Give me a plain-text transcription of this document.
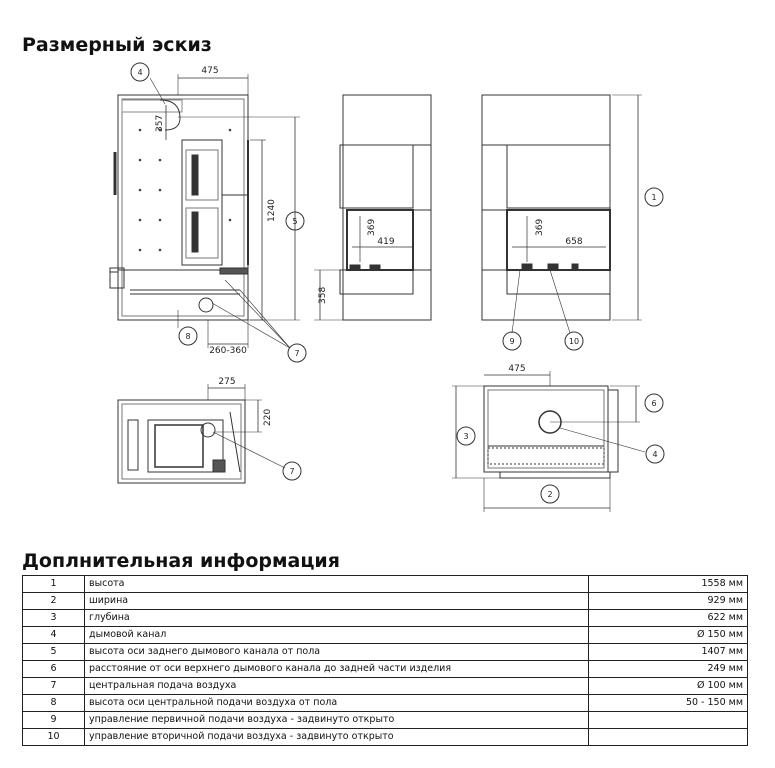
Размерный эскиз
475
357
1240
260-360
369
419
358
369
658
275
220
475
4
5
8
7
1
9	10
7
3
6
4
2
Доплнительная информация
1	высота	1558 мм
2	ширина	929 мм
3	глубина	622 мм
4	дымовой канал	Ø 150 мм
5	высота оси заднего дымового канала от пола	1407 мм
6	расстояние от оси верхнего дымового канала до задней части изделия	249 мм
7	центральная подача воздуха	Ø 100 мм
8	высота оси центральной подачи воздуха от пола	50 - 150 мм
9	управление первичной подачи воздуха - задвинуто открыто	
10	управление вторичной подачи воздуха - задвинуто открыто	
